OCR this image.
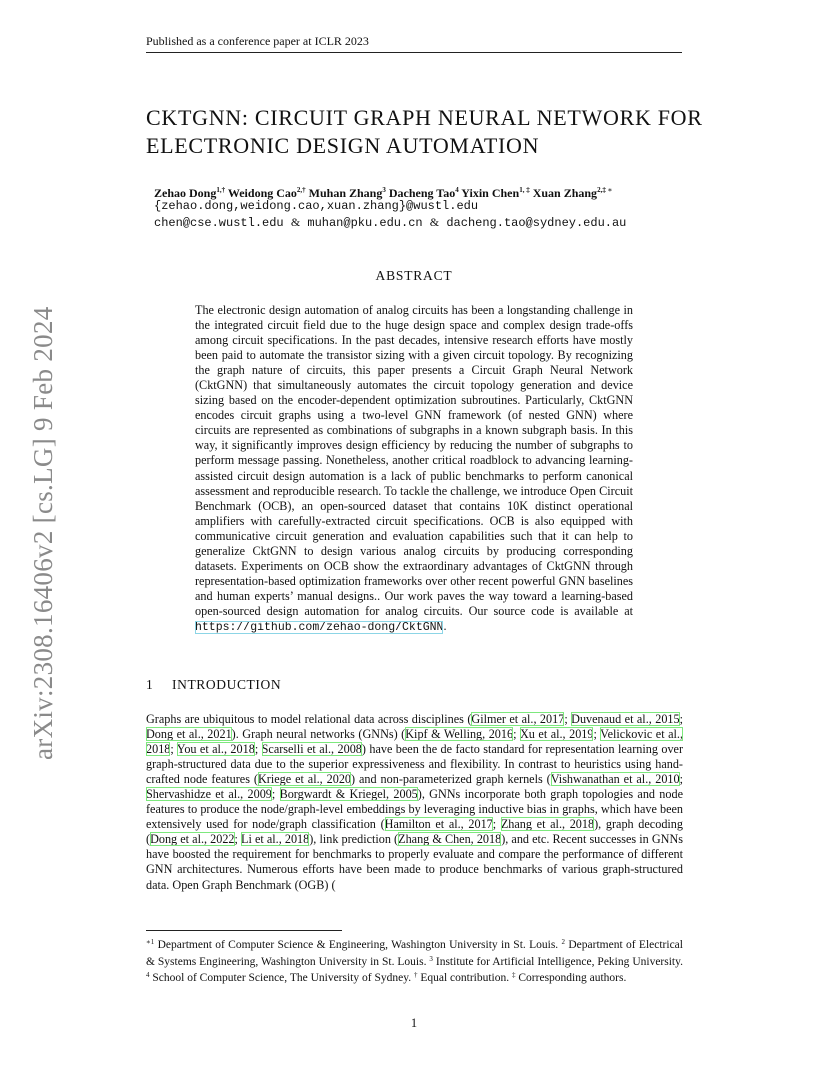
Published as a conference paper at ICLR 2023
arXiv:2308.16406v2 [cs.LG] 9 Feb 2024
CKTGNN: CIRCUIT GRAPH NEURAL NETWORK FOR
ELECTRONIC DESIGN AUTOMATION
Zehao Dong$^{1,\dagger}$ Weidong Cao$^{2,\dagger}$ Muhan Zhang$^3$ Dacheng Tao$^4$ Yixin Chen$^{1, \ddagger}$ Xuan Zhang$^{2,\ddagger ∗}$
{zehao.dong,weidong.cao,xuan.zhang}@wustl.edu
chen@cse.wustl.edu & muhan@pku.edu.cn & dacheng.tao@sydney.edu.au
ABSTRACT
The electronic design automation of analog circuits has been a longstanding challenge in the integrated circuit field due to the huge design space and complex design trade-offs among circuit specifications. In the past decades, intensive research efforts have mostly been paid to automate the transistor sizing with a given circuit topology. By recognizing the graph nature of circuits, this paper presents a Circuit Graph Neural Network (CktGNN) that simultaneously automates the circuit topology generation and device sizing based on the encoder-dependent optimization subroutines. Particularly, CktGNN encodes circuit graphs using a two-level GNN framework (of nested GNN) where circuits are represented as combinations of subgraphs in a known subgraph basis. In this way, it significantly improves design efficiency by reducing the number of subgraphs to perform message passing. Nonetheless, another critical roadblock to advancing learning-assisted circuit design automation is a lack of public benchmarks to perform canonical assessment and reproducible research. To tackle the challenge, we introduce Open Circuit Benchmark (OCB), an open-sourced dataset that contains 10K distinct operational amplifiers with carefully-extracted circuit specifications. OCB is also equipped with communicative circuit generation and evaluation capabilities such that it can help to generalize CktGNN to design various analog circuits by producing corresponding datasets. Experiments on OCB show the extraordinary advantages of CktGNN through representation-based optimization frameworks over other recent powerful GNN baselines and human experts’ manual designs.. Our work paves the way toward a learning-based open-sourced design automation for analog circuits. Our source code is available at https://github.com/zehao-dong/CktGNN.
1 INTRODUCTION
Graphs are ubiquitous to model relational data across disciplines (Gilmer et al., 2017; Duvenaud et al., 2015; Dong et al., 2021). Graph neural networks (GNNs) (Kipf & Welling, 2016; Xu et al., 2019; Velickovic et al., 2018; You et al., 2018; Scarselli et al., 2008) have been the de facto standard for representation learning over graph-structured data due to the superior expressiveness and flexibility. In contrast to heuristics using hand-crafted node features (Kriege et al., 2020) and non-parameterized graph kernels (Vishwanathan et al., 2010; Shervashidze et al., 2009; Borgwardt & Kriegel, 2005), GNNs incorporate both graph topologies and node features to produce the node/graph-level embeddings by leveraging inductive bias in graphs, which have been extensively used for node/graph classification (Hamilton et al., 2017; Zhang et al., 2018), graph decoding (Dong et al., 2022; Li et al., 2018), link prediction (Zhang & Chen, 2018), and etc. Recent successes in GNNs have boosted the requirement for benchmarks to properly evaluate and compare the performance of different GNN architectures. Numerous efforts have been made to produce benchmarks of various graph-structured data. Open Graph Benchmark (OGB) (
$^{∗1}$ Department of Computer Science & Engineering, Washington University in St. Louis. $^2$ Department of Electrical & Systems Engineering, Washington University in St. Louis. $^3$ Institute for Artificial Intelligence, Peking University. $^4$ School of Computer Science, The University of Sydney. † Equal contribution. ‡ Corresponding authors.
1
